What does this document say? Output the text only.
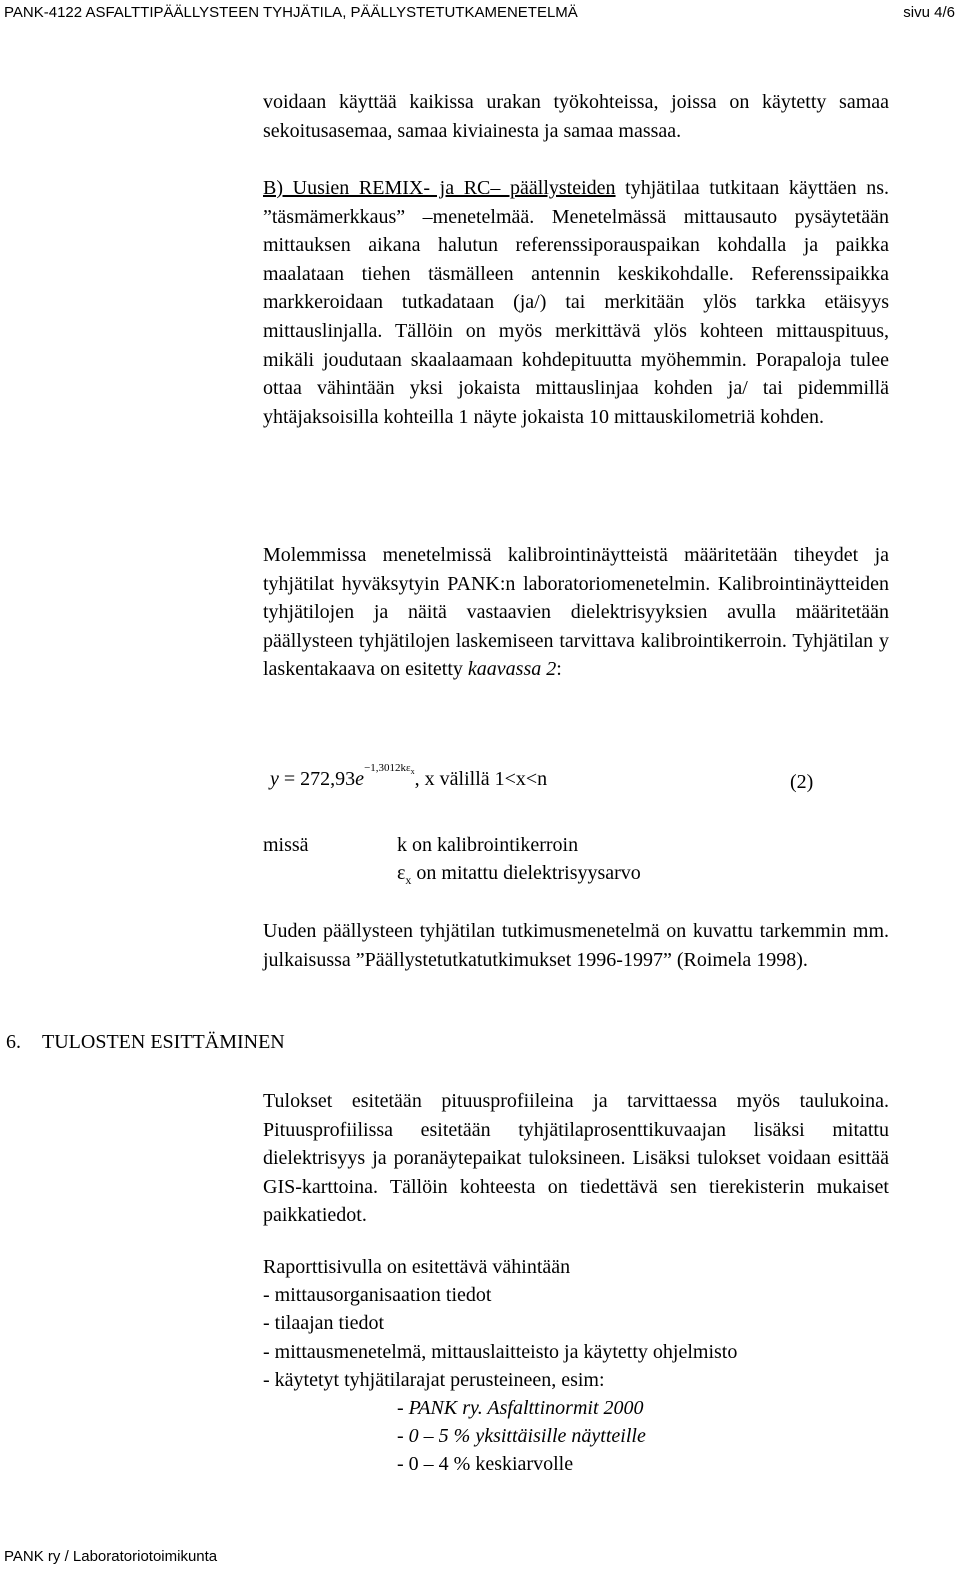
PANK-4122 ASFALTTIPÄÄLLYSTEEN TYHJÄTILA, PÄÄLLYSTETUTKAMENETELMÄ	sivu 4/6

voidaan käyttää kaikissa urakan työkohteissa, joissa on käytetty samaa sekoitusasemaa, samaa kiviainesta ja samaa massaa.

B) Uusien REMIX- ja RC– päällysteiden tyhjätilaa tutkitaan käyttäen ns. ”täsmämerkkaus” –menetelmää. Menetelmässä mittausauto pysäytetään mittauksen aikana halutun referenssiporauspaikan kohdalla ja paikka maalataan tiehen täsmälleen antennin keskikohdalle. Referenssipaikka markkeroidaan tutkadataan (ja/) tai merkitään ylös tarkka etäisyys mittauslinjalla. Tällöin on myös merkittävä ylös kohteen mittauspituus, mikäli joudutaan skaalaamaan kohdepituutta myöhemmin. Porapaloja tulee ottaa vähintään yksi jokaista mittauslinjaa kohden ja/ tai pidemmillä yhtäjaksoisilla kohteilla 1 näyte jokaista 10 mittauskilometriä kohden.

Molemmissa menetelmissä kalibrointinäytteistä määritetään tiheydet ja tyhjätilat hyväksytyin PANK:n laboratoriomenetelmin. Kalibrointinäytteiden tyhjätilojen ja näitä vastaavien dielektrisyyksien avulla määritetään päällysteen tyhjätilojen laskemiseen tarvittava kalibrointikerroin. Tyhjätilan y laskentakaava on esitetty kaavassa 2:

$y = 272,93e^{-1,3012k\varepsilon_x}$, x välillä 1<x<n	(2)
missä	k on kalibrointikerroin
$\varepsilon_x$ on mitattu dielektrisyysarvo

Uuden päällysteen tyhjätilan tutkimusmenetelmä on kuvattu tarkemmin mm. julkaisussa ”Päällystetutkatutkimukset 1996-1997” (Roimela 1998).

6. TULOSTEN ESITTÄMINEN

Tulokset esitetään pituusprofiileina ja tarvittaessa myös taulukoina. Pituusprofiilissa esitetään tyhjätilaprosenttikuvaajan lisäksi mitattu dielektrisyys ja poranäytepaikat tuloksineen. Lisäksi tulokset voidaan esittää GIS-karttoina. Tällöin kohteesta on tiedettävä sen tierekisterin mukaiset paikkatiedot.

Raporttisivulla on esitettävä vähintään
- mittausorganisaation tiedot
- tilaajan tiedot
- mittausmenetelmä, mittauslaitteisto ja käytetty ohjelmisto
- käytetyt tyhjätilarajat perusteineen, esim:
- PANK ry. Asfalttinormit 2000
- 0 – 5 % yksittäisille näytteille
- 0 – 4 % keskiarvolle
PANK ry / Laboratoriotoimikunta
